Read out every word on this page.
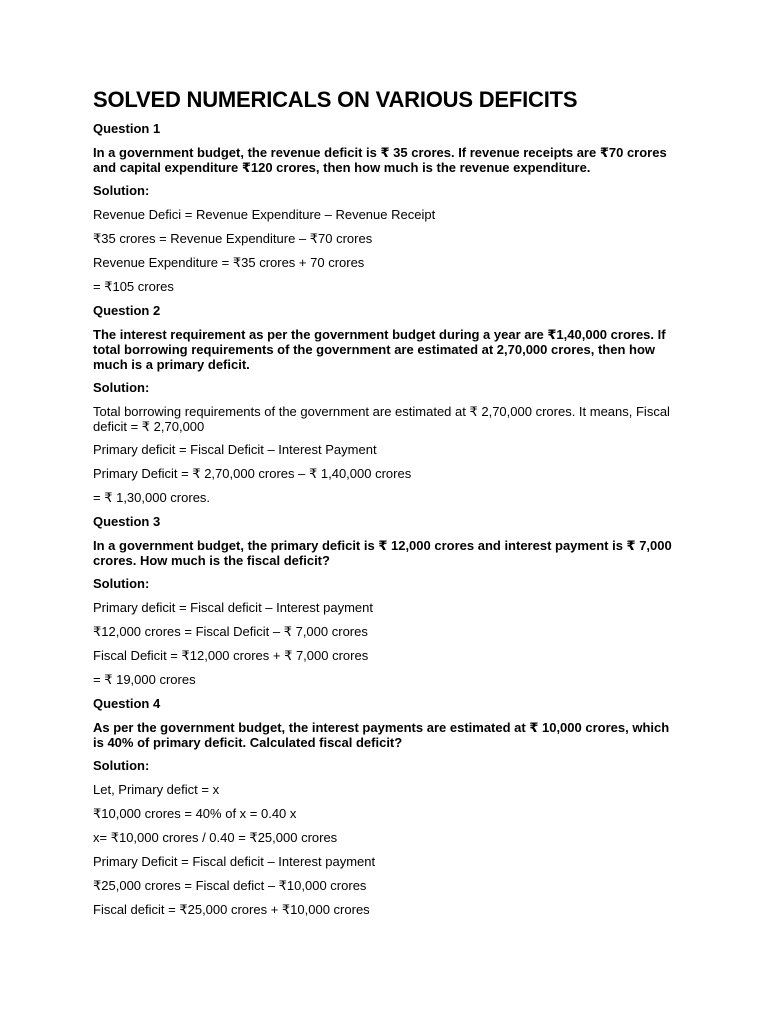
SOLVED NUMERICALS ON VARIOUS DEFICITS
Question 1
In a government budget, the revenue deficit is ₹ 35 crores. If revenue receipts are ₹70 crores and capital expenditure ₹120 crores, then how much is the revenue expenditure.
Solution:
Revenue Defici = Revenue Expenditure – Revenue Receipt
₹35 crores = Revenue Expenditure – ₹70 crores
Revenue Expenditure = ₹35 crores + 70 crores
= ₹105 crores
Question 2
The interest requirement as per the government budget during a year are ₹1,40,000 crores. If total borrowing requirements of the government are estimated at 2,70,000 crores, then how much is a primary deficit.
Solution:
Total borrowing requirements of the government are estimated at ₹ 2,70,000 crores. It means, Fiscal deficit = ₹ 2,70,000
Primary deficit = Fiscal Deficit – Interest Payment
Primary Deficit = ₹ 2,70,000 crores – ₹ 1,40,000 crores
= ₹ 1,30,000 crores.
Question 3
In a government budget, the primary deficit is ₹ 12,000 crores and interest payment is ₹ 7,000 crores. How much is the fiscal deficit?
Solution:
Primary deficit = Fiscal deficit – Interest payment
₹12,000 crores = Fiscal Deficit – ₹ 7,000 crores
Fiscal Deficit = ₹12,000 crores + ₹ 7,000 crores
= ₹ 19,000 crores
Question 4
As per the government budget, the interest payments are estimated at ₹ 10,000 crores, which is 40% of primary deficit. Calculated fiscal deficit?
Solution:
Let, Primary defict = x
₹10,000 crores = 40% of x = 0.40 x
x= ₹10,000 crores / 0.40 = ₹25,000 crores
Primary Deficit = Fiscal deficit – Interest payment
₹25,000 crores = Fiscal defict – ₹10,000 crores
Fiscal deficit = ₹25,000 crores + ₹10,000 crores
